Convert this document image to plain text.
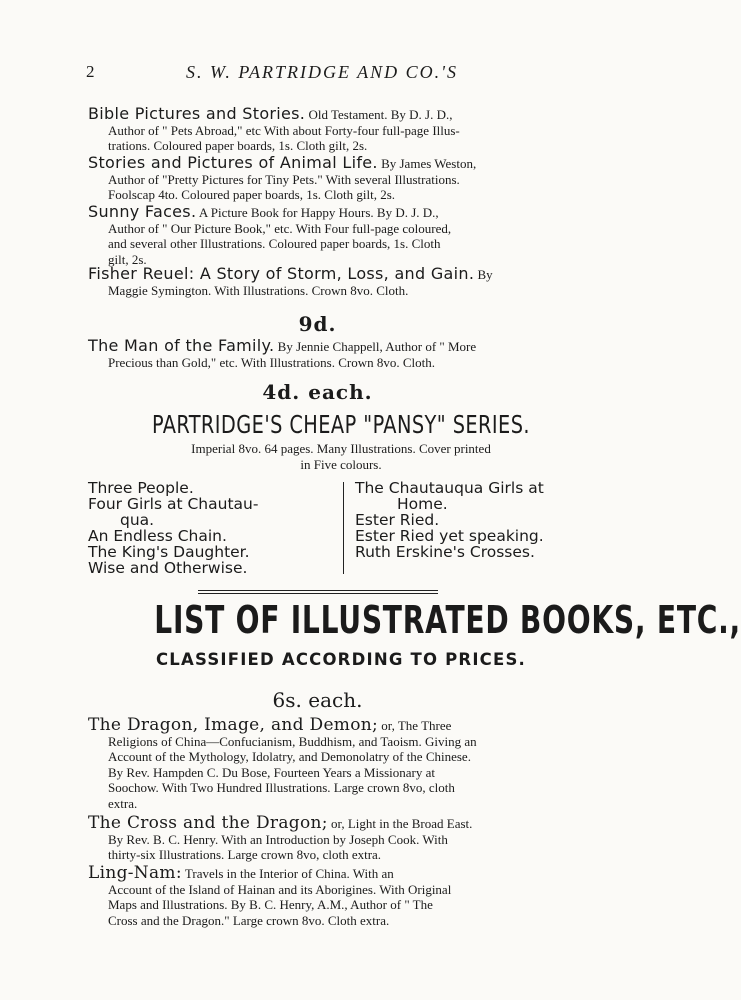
2	S. W. PARTRIDGE AND CO.'S
Bible Pictures and Stories. Old Testament. By D. J. D.,
Author of " Pets Abroad," etc With about Forty-four full-page Illus-
trations. Coloured paper boards, 1s. Cloth gilt, 2s.
Stories and Pictures of Animal Life. By James Weston,
Author of "Pretty Pictures for Tiny Pets." With several Illustrations.
Foolscap 4to. Coloured paper boards, 1s. Cloth gilt, 2s.
Sunny Faces. A Picture Book for Happy Hours. By D. J. D.,
Author of " Our Picture Book," etc. With Four full-page coloured,
and several other Illustrations. Coloured paper boards, 1s. Cloth
gilt, 2s.
Fisher Reuel: A Story of Storm, Loss, and Gain. By
Maggie Symington. With Illustrations. Crown 8vo. Cloth.
9d.
The Man of the Family. By Jennie Chappell, Author of " More
Precious than Gold," etc. With Illustrations. Crown 8vo. Cloth.
4d. each.
PARTRIDGE'S CHEAP "PANSY" SERIES.
Imperial 8vo. 64 pages. Many Illustrations. Cover printed
in Five colours.
Three People.
Four Girls at Chautau-
qua.
An Endless Chain.
The King's Daughter.
Wise and Otherwise.
The Chautauqua Girls at
Home.
Ester Ried.
Ester Ried yet speaking.
Ruth Erskine's Crosses.
LIST OF ILLUSTRATED BOOKS, ETC.,
CLASSIFIED ACCORDING TO PRICES.
6s. each.
The Dragon, Image, and Demon; or, The Three
Religions of China—Confucianism, Buddhism, and Taoism. Giving an
Account of the Mythology, Idolatry, and Demonolatry of the Chinese.
By Rev. Hampden C. Du Bose, Fourteen Years a Missionary at
Soochow. With Two Hundred Illustrations. Large crown 8vo, cloth
extra.
The Cross and the Dragon; or, Light in the Broad East.
By Rev. B. C. Henry. With an Introduction by Joseph Cook. With
thirty-six Illustrations. Large crown 8vo, cloth extra.
Ling-Nam: Travels in the Interior of China. With an
Account of the Island of Hainan and its Aborigines. With Original
Maps and Illustrations. By B. C. Henry, A.M., Author of " The
Cross and the Dragon." Large crown 8vo. Cloth extra.
